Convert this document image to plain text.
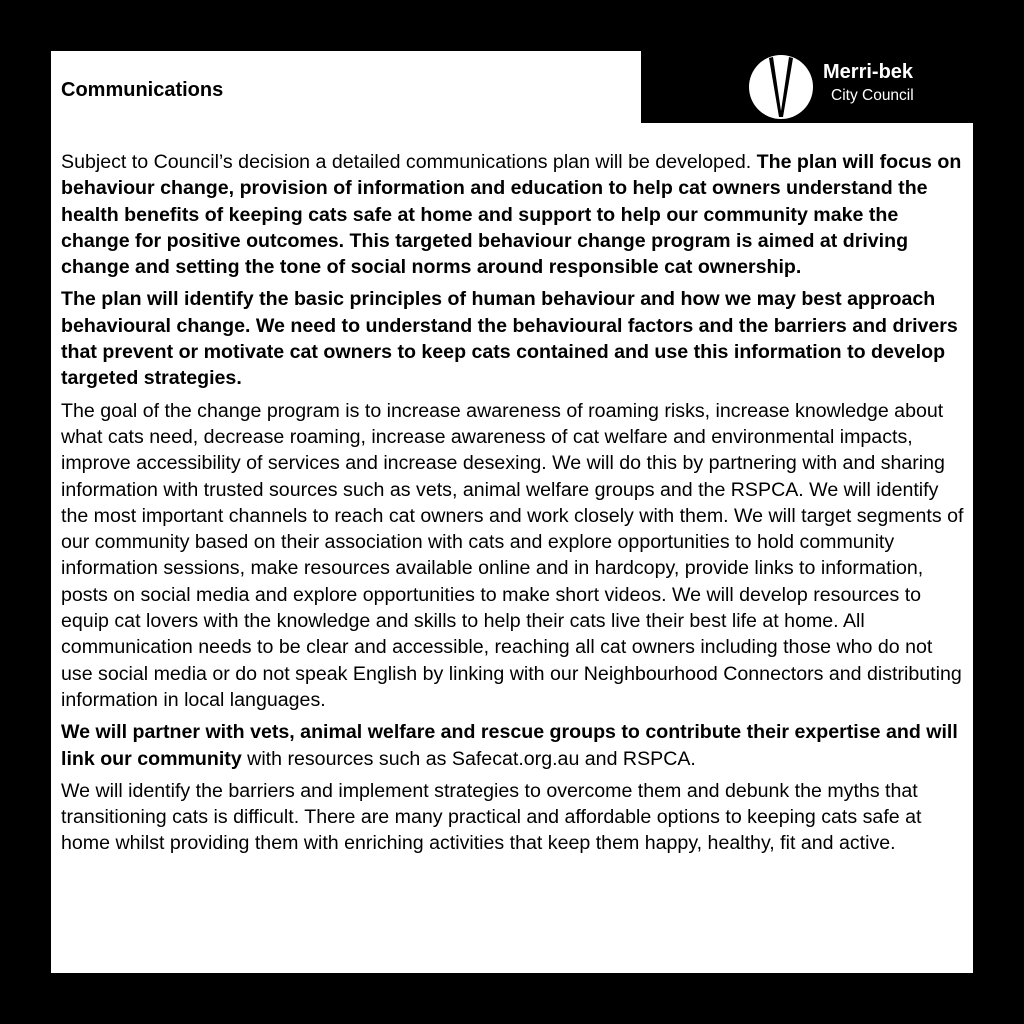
Communications
Merri-bek
City Council

Subject to Council’s decision a detailed communications plan will be developed. The plan will focus on behaviour change, provision of information and education to help cat owners understand the health benefits of keeping cats safe at home and support to help our community make the change for positive outcomes. This targeted behaviour change program is aimed at driving change and setting the tone of social norms around responsible cat ownership.

The plan will identify the basic principles of human behaviour and how we may best approach behavioural change. We need to understand the behavioural factors and the barriers and drivers that prevent or motivate cat owners to keep cats contained and use this information to develop targeted strategies.

The goal of the change program is to increase awareness of roaming risks, increase knowledge about what cats need, decrease roaming, increase awareness of cat welfare and environmental impacts, improve accessibility of services and increase desexing. We will do this by partnering with and sharing information with trusted sources such as vets, animal welfare groups and the RSPCA. We will identify the most important channels to reach cat owners and work closely with them. We will target segments of our community based on their association with cats and explore opportunities to hold community information sessions, make resources available online and in hardcopy, provide links to information, posts on social media and explore opportunities to make short videos. We will develop resources to equip cat lovers with the knowledge and skills to help their cats live their best life at home. All communication needs to be clear and accessible, reaching all cat owners including those who do not use social media or do not speak English by linking with our Neighbourhood Connectors and distributing information in local languages.

We will partner with vets, animal welfare and rescue groups to contribute their expertise and will link our community with resources such as Safecat.org.au and RSPCA.

We will identify the barriers and implement strategies to overcome them and debunk the myths that transitioning cats is difficult. There are many practical and affordable options to keeping cats safe at home whilst providing them with enriching activities that keep them happy, healthy, fit and active.
